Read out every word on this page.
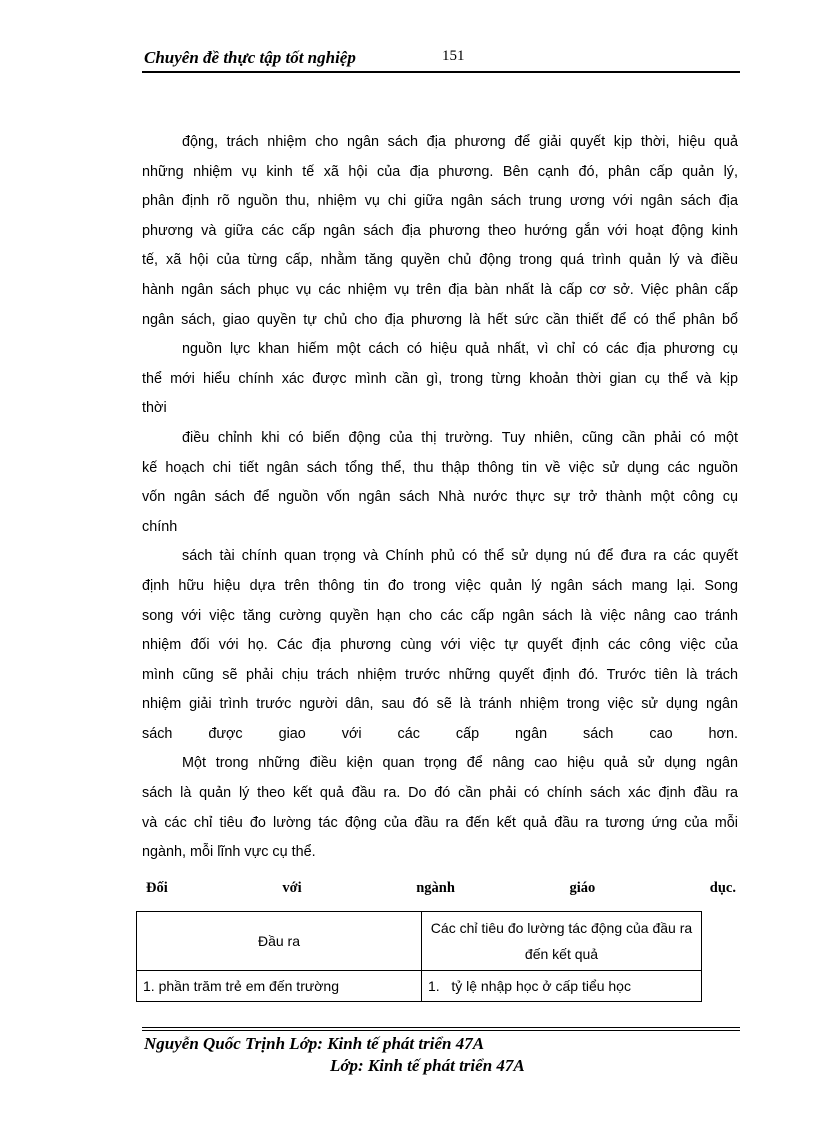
Chuyên đề thực tập tốt nghiệp	151
động, trách nhiệm cho ngân sách địa phương để giải quyết kịp thời, hiệu quả
những nhiệm vụ kinh tế xã hội của địa phương. Bên cạnh đó, phân cấp quản lý,
phân định rõ nguồn thu, nhiệm vụ chi giữa ngân sách trung ương với ngân sách địa
phương và giữa các cấp ngân sách địa phương theo hướng gắn với hoạt động kinh
tế, xã hội của từng cấp, nhằm tăng quyền chủ động trong quá trình quản lý và điều
hành ngân sách phục vụ các nhiệm vụ trên địa bàn nhất là cấp cơ sở. Việc phân cấp
ngân sách, giao quyền tự chủ cho địa phương là hết sức cần thiết để có thể phân bổ
nguồn lực khan hiếm một cách có hiệu quả nhất, vì chỉ có các địa phương cụ
thể mới hiểu chính xác được mình cần gì, trong từng khoản thời gian cụ thể và kịp
thời
điều chỉnh khi có biến động của thị trường. Tuy nhiên, cũng cần phải có một
kế hoạch chi tiết ngân sách tổng thể, thu thập thông tin về việc sử dụng các nguồn
vốn ngân sách để nguồn vốn ngân sách Nhà nước thực sự trở thành một công cụ
chính
sách tài chính quan trọng và Chính phủ có thể sử dụng nú để đưa ra các quyết
định hữu hiệu dựa trên thông tin đo trong việc quản lý ngân sách mang lại. Song
song với việc tăng cường quyền hạn cho các cấp ngân sách là việc nâng cao tránh
nhiệm đối với họ. Các địa phương cùng với việc tự quyết định các công việc của
mình cũng sẽ phải chịu trách nhiệm trước những quyết định đó. Trước tiên là trách
nhiệm giải trình trước người dân, sau đó sẽ là tránh nhiệm trong việc sử dụng ngân
sách được giao với các cấp ngân sách cao hơn.
Một trong những điều kiện quan trọng để nâng cao hiệu quả sử dụng ngân
sách là quản lý theo kết quả đầu ra. Do đó cần phải có chính sách xác định đầu ra
và các chỉ tiêu đo lường tác động của đầu ra đến kết quả đầu ra tương ứng của mỗi
ngành, mỗi lĩnh vực cụ thể.
Đối	với	ngành	giáo	dục.
Đầu ra	Các chỉ tiêu đo lường tác động của đầu ra đến kết quả
1. phần trăm trẻ em đến trường	1.   tỷ lệ nhập học ở cấp tiểu học
Nguyễn Quốc Trịnh Lớp: Kinh tế phát triển 47A
Lớp: Kinh tế phát triển 47A
